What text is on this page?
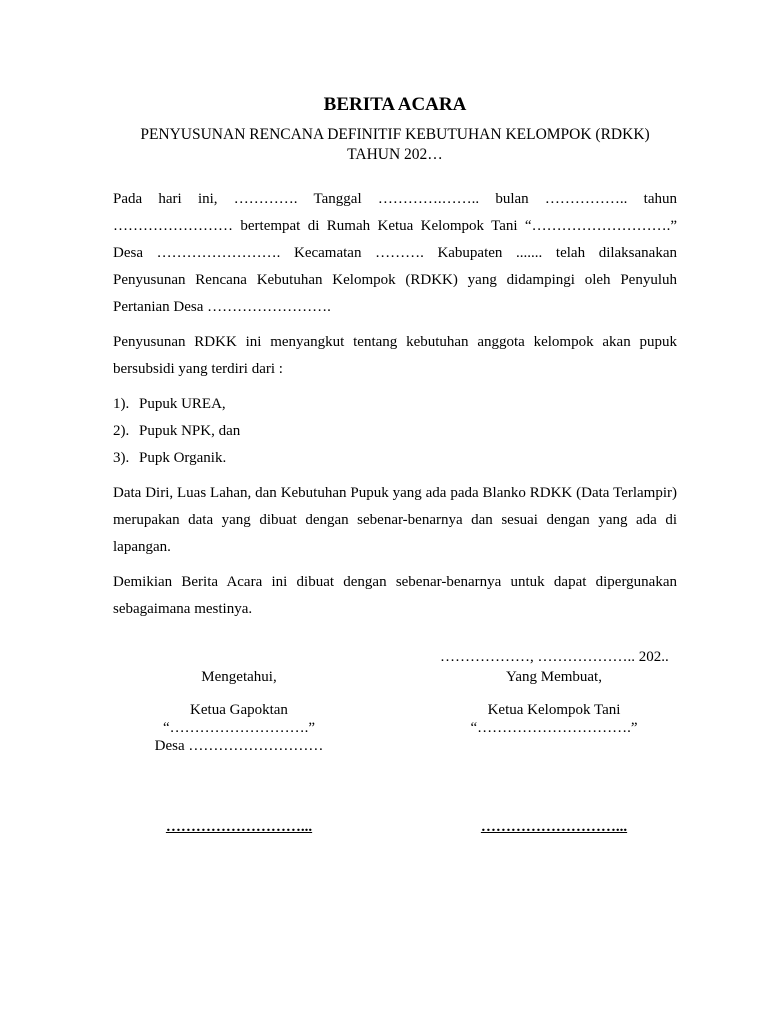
BERITA ACARA
PENYUSUNAN RENCANA DEFINITIF KEBUTUHAN KELOMPOK (RDKK)
TAHUN 202…

Pada hari ini, …………. Tanggal ………….…….. bulan …………….. tahun …………………… bertempat di Rumah Ketua Kelompok Tani “……………………….” Desa ……………………. Kecamatan ………. Kabupaten ....... telah dilaksanakan Penyusunan Rencana Kebutuhan Kelompok (RDKK) yang didampingi oleh Penyuluh Pertanian Desa …………………….

Penyusunan RDKK ini menyangkut tentang kebutuhan anggota kelompok akan pupuk bersubsidi yang terdiri dari :

1). Pupuk UREA,
2). Pupuk NPK, dan
3). Pupk Organik.

Data Diri, Luas Lahan, dan Kebutuhan Pupuk yang ada pada Blanko RDKK (Data Terlampir) merupakan data yang dibuat dengan sebenar-benarnya dan sesuai dengan yang ada di lapangan.

Demikian Berita Acara ini dibuat dengan sebenar-benarnya untuk dapat dipergunakan sebagaimana mestinya.

………………, ……………….. 202..
Mengetahui,
Ketua Gapoktan
“……………………….”
Desa ………………………
………………………...
Yang Membuat,
Ketua Kelompok Tani
“………………………….”
………………………...
